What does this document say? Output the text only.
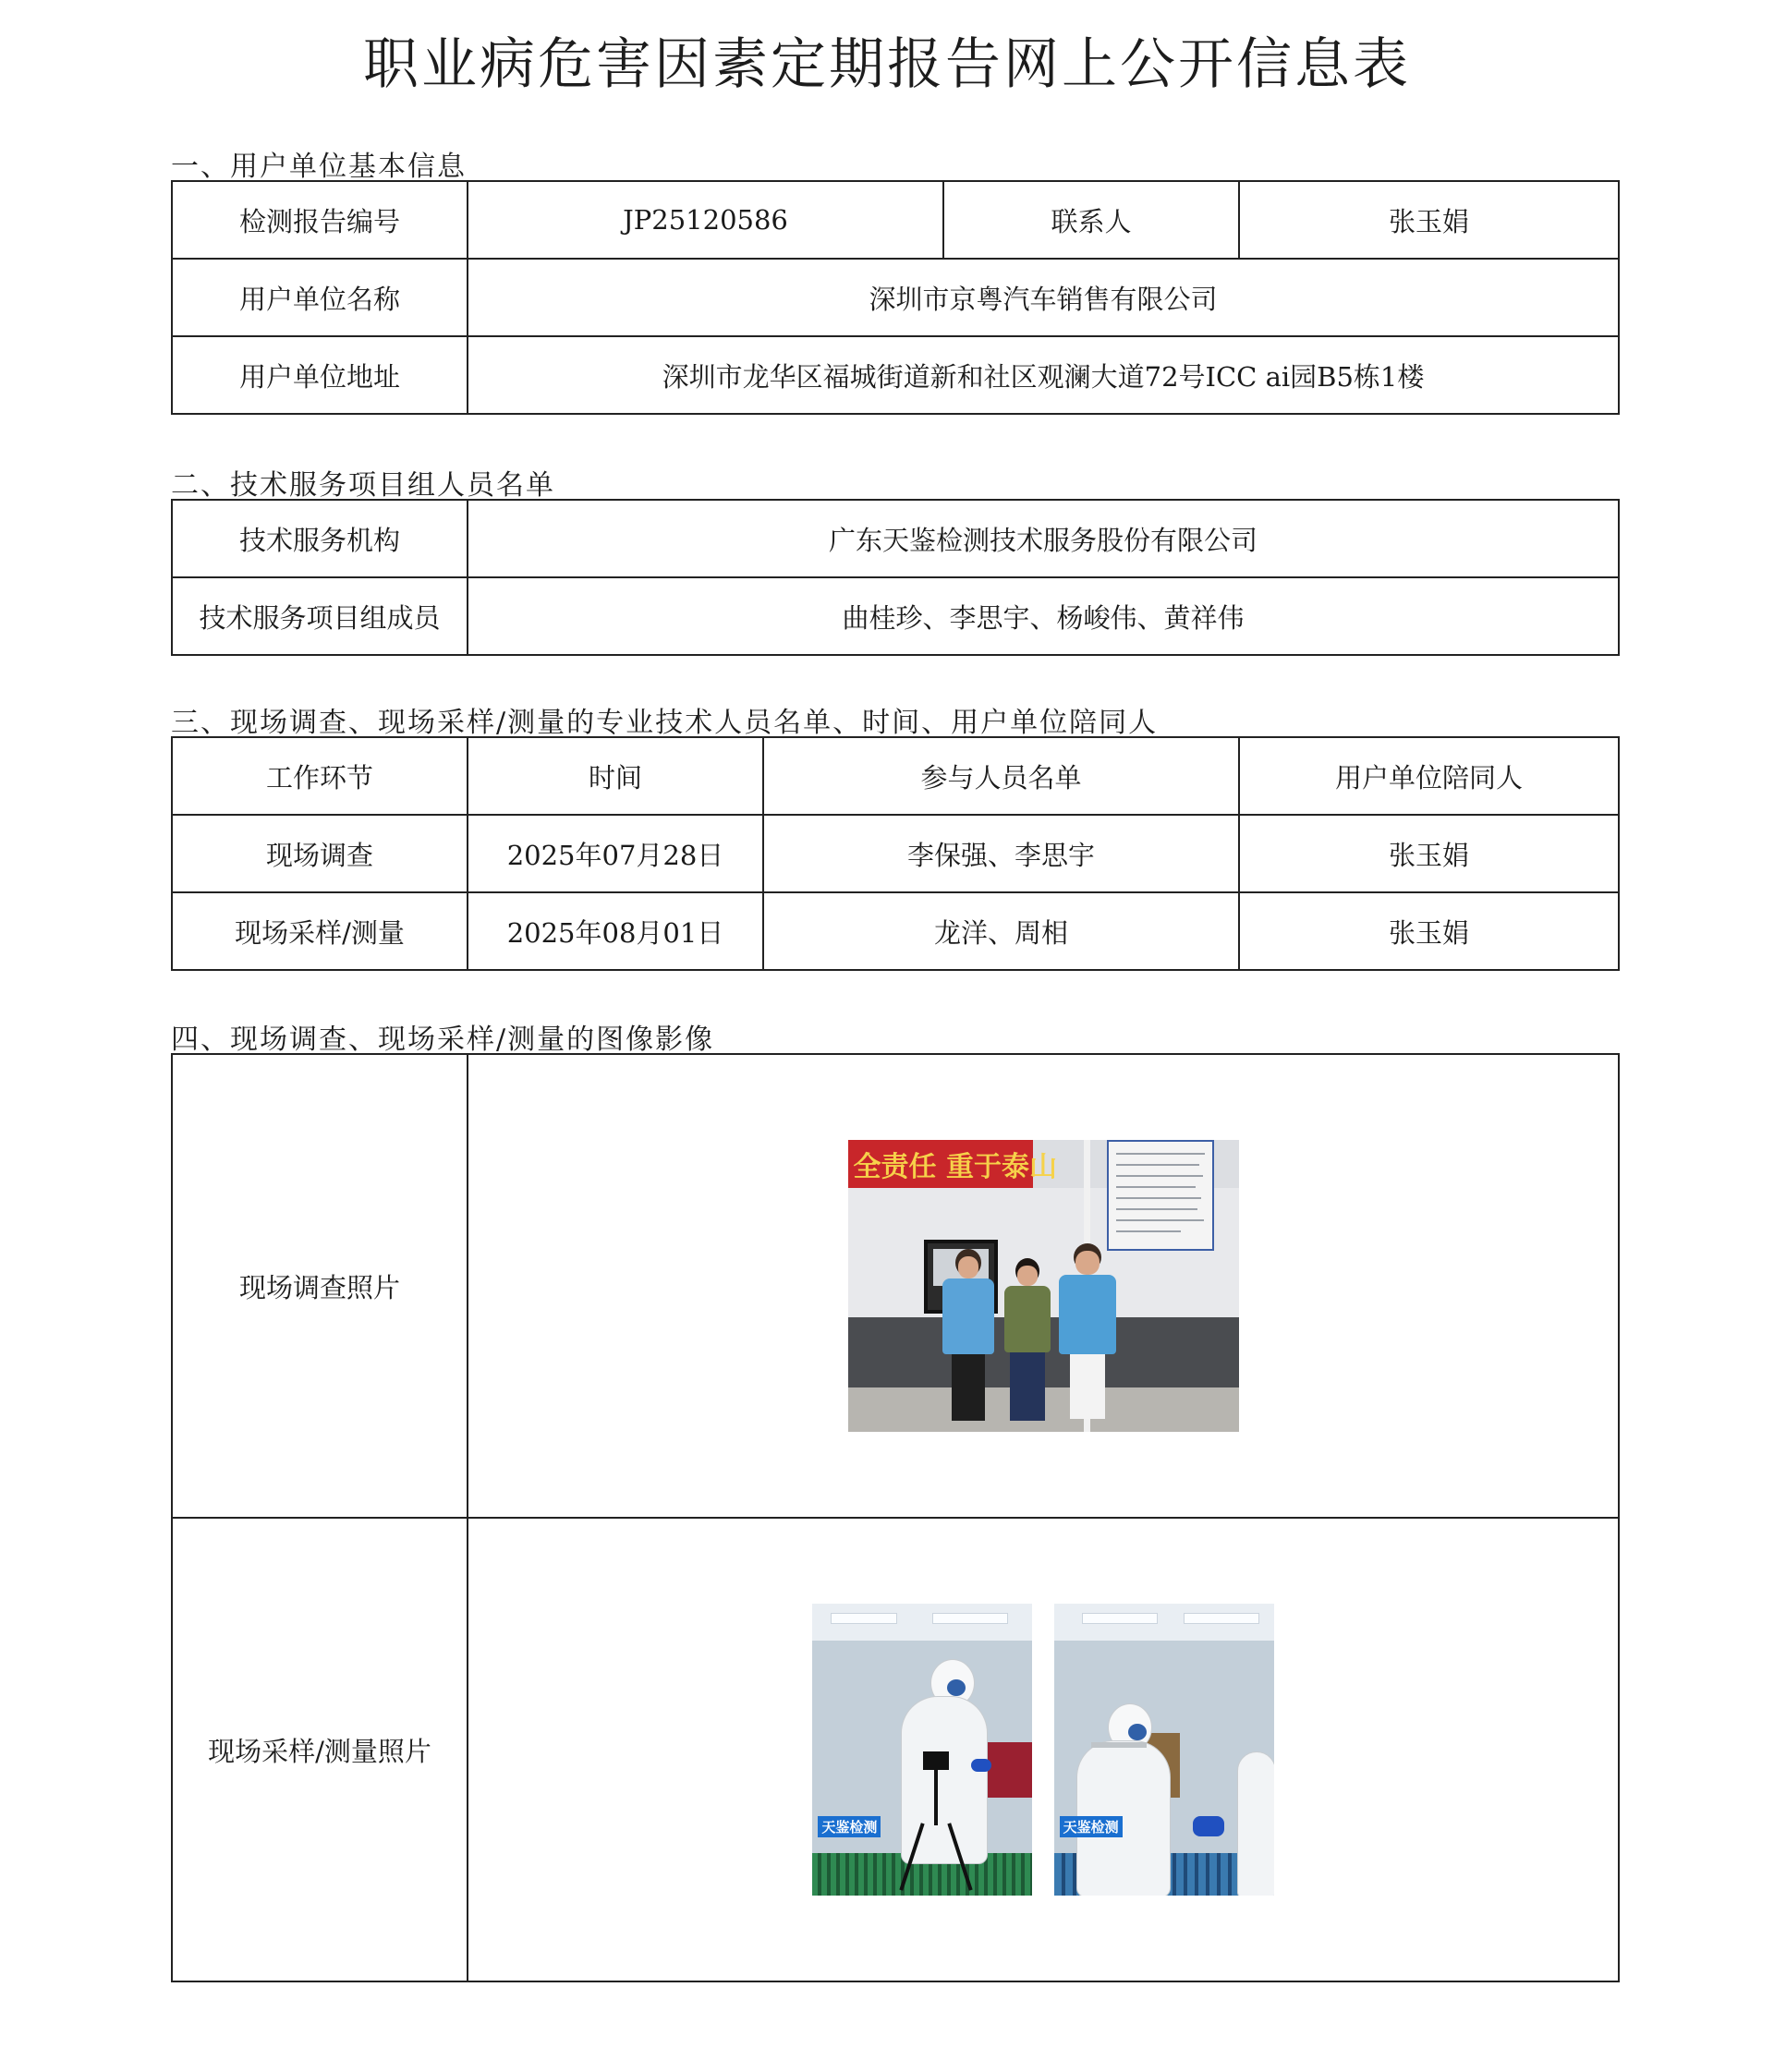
职业病危害因素定期报告网上公开信息表
一、用户单位基本信息
检测报告编号	JP25120586	联系人	张玉娟
用户单位名称	深圳市京粤汽车销售有限公司		
用户单位地址	深圳市龙华区福城街道新和社区观澜大道72号ICC ai园B5栋1楼		
二、技术服务项目组人员名单
技术服务机构	广东天鉴检测技术服务股份有限公司
技术服务项目组成员	曲桂珍、李思宇、杨峻伟、黄祥伟
三、现场调查、现场采样/测量的专业技术人员名单、时间、用户单位陪同人
工作环节	时间	参与人员名单	用户单位陪同人
现场调查	2025年07月28日	李保强、李思宇	张玉娟
现场采样/测量	2025年08月01日	龙洋、周相	张玉娟
四、现场调查、现场采样/测量的图像影像
现场调查照片	全责任 重于泰山

现场采样/测量照片	天鉴检测
天鉴检测
